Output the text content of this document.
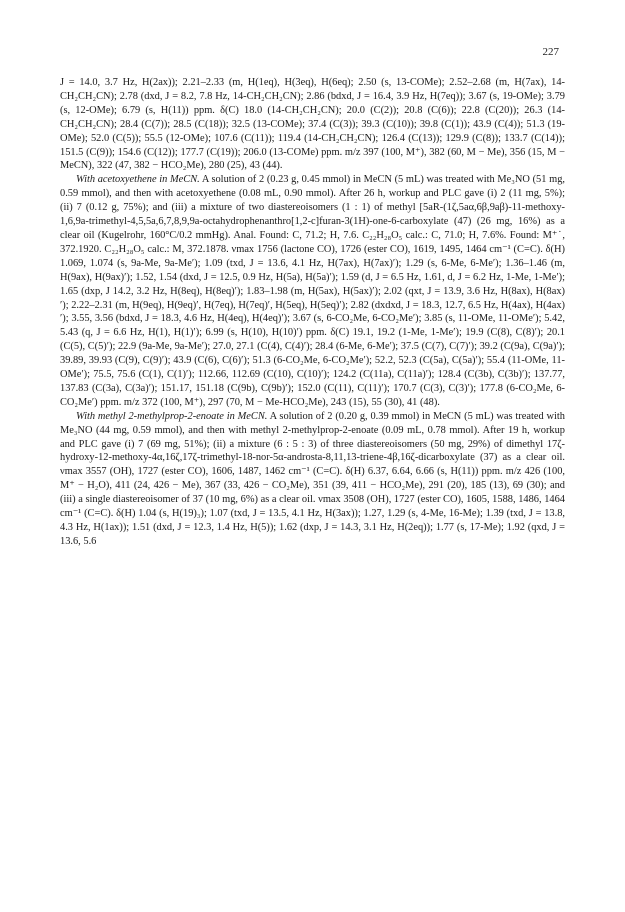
227

J = 14.0, 3.7 Hz, H(2ax)); 2.21–2.33 (m, H(1eq), H(3eq), H(6eq); 2.50 (s, 13-COMe); 2.52–2.68 (m, H(7ax), 14-CH₂CH₂CN); 2.78 (dxd, J = 8.2, 7.8 Hz, 14-CH₂CH₂CN); 2.86 (bdxd, J = 16.4, 3.9 Hz, H(7eq)); 3.67 (s, 19-OMe); 3.79 (s, 12-OMe); 6.79 (s, H(11)) ppm. δ(C) 18.0 (14-CH₂CH₂CN); 20.0 (C(2)); 20.8 (C(6)); 22.8 (C(20)); 26.3 (14-CH₂CH₂CN); 28.4 (C(7)); 28.5 (C(18)); 32.5 (13-COMe); 37.4 (C(3)); 39.3 (C(10)); 39.8 (C(1)); 43.9 (C(4)); 51.3 (19-OMe); 52.0 (C(5)); 55.5 (12-OMe); 107.6 (C(11)); 119.4 (14-CH₂CH₂CN); 126.4 (C(13)); 129.9 (C(8)); 133.7 (C(14)); 151.5 (C(9)); 154.6 (C(12)); 177.7 (C(19)); 206.0 (13-COMe) ppm. m/z 397 (100, M⁺), 382 (60, M − Me), 356 (15, M − MeCN), 322 (47, 382 − HCO₂Me), 280 (25), 43 (44).

With acetoxyethene in MeCN. A solution of 2 (0.23 g, 0.45 mmol) in MeCN (5 mL) was treated with Me₃NO (51 mg, 0.59 mmol), and then with acetoxyethene (0.08 mL, 0.90 mmol). After 26 h, workup and PLC gave (i) 2 (11 mg, 5%); (ii) 7 (0.12 g, 75%); and (iii) a mixture of two diastereoisomers (1 : 1) of methyl [5aR-(1ζ,5aα,6β,9aβ)-11-methoxy-1,6,9a-trimethyl-4,5,5a,6,7,8,9,9a-octahydrophenanthro[1,2-c]furan-3(1H)-one-6-carboxylate (47) (26 mg, 16%) as a clear oil (Kugelrohr, 160°C/0.2 mmHg). Anal. Found: C, 71.2; H, 7.6. C₂₂H₂₈O₅ calc.: C, 71.0; H, 7.6%. Found: M⁺˙, 372.1920. C₂₂H₂₈O₅ calc.: M, 372.1878. νmax 1756 (lactone CO), 1726 (ester CO), 1619, 1495, 1464 cm⁻¹ (C=C). δ(H) 1.069, 1.074 (s, 9a-Me, 9a-Me′); 1.09 (txd, J = 13.6, 4.1 Hz, H(7ax), H(7ax)′); 1.29 (s, 6-Me, 6-Me′); 1.36–1.46 (m, H(9ax), H(9ax)′); 1.52, 1.54 (dxd, J = 12.5, 0.9 Hz, H(5a), H(5a)′); 1.59 (d, J = 6.5 Hz, 1.61, d, J = 6.2 Hz, 1-Me, 1-Me′); 1.65 (dxp, J 14.2, 3.2 Hz, H(8eq), H(8eq)′); 1.83–1.98 (m, H(5ax), H(5ax)′); 2.02 (qxt, J = 13.9, 3.6 Hz, H(8ax), H(8ax)′); 2.22–2.31 (m, H(9eq), H(9eq)′, H(7eq), H(7eq)′, H(5eq), H(5eq)′); 2.82 (dxdxd, J = 18.3, 12.7, 6.5 Hz, H(4ax), H(4ax)′); 3.55, 3.56 (bdxd, J = 18.3, 4.6 Hz, H(4eq), H(4eq)′); 3.67 (s, 6-CO₂Me, 6-CO₂Me′); 3.85 (s, 11-OMe, 11-OMe′); 5.42, 5.43 (q, J = 6.6 Hz, H(1), H(1)′); 6.99 (s, H(10), H(10)′) ppm. δ(C) 19.1, 19.2 (1-Me, 1-Me′); 19.9 (C(8), C(8)′); 20.1 (C(5), C(5)′); 22.9 (9a-Me, 9a-Me′); 27.0, 27.1 (C(4), C(4)′); 28.4 (6-Me, 6-Me′); 37.5 (C(7), C(7)′); 39.2 (C(9a), C(9a)′); 39.89, 39.93 (C(9), C(9)′); 43.9 (C(6), C(6)′); 51.3 (6-CO₂Me, 6-CO₂Me′); 52.2, 52.3 (C(5a), C(5a)′); 55.4 (11-OMe, 11-OMe′); 75.5, 75.6 (C(1), C(1)′); 112.66, 112.69 (C(10), C(10)′); 124.2 (C(11a), C(11a)′); 128.4 (C(3b), C(3b)′); 137.77, 137.83 (C(3a), C(3a)′); 151.17, 151.18 (C(9b), C(9b)′); 152.0 (C(11), C(11)′); 170.7 (C(3), C(3)′); 177.8 (6-CO₂Me, 6-CO₂Me′) ppm. m/z 372 (100, M⁺), 297 (70, M − Me-HCO₂Me), 243 (15), 55 (30), 41 (48).

With methyl 2-methylprop-2-enoate in MeCN. A solution of 2 (0.20 g, 0.39 mmol) in MeCN (5 mL) was treated with Me₃NO (44 mg, 0.59 mmol), and then with methyl 2-methylprop-2-enoate (0.09 mL, 0.78 mmol). After 19 h, workup and PLC gave (i) 7 (69 mg, 51%); (ii) a mixture (6 : 5 : 3) of three diastereoisomers (50 mg, 29%) of dimethyl 17ζ-hydroxy-12-methoxy-4α,16ζ,17ζ-trimethyl-18-nor-5α-androsta-8,11,13-triene-4β,16ζ-dicarboxylate (37) as a clear oil. νmax 3557 (OH), 1727 (ester CO), 1606, 1487, 1462 cm⁻¹ (C=C). δ(H) 6.37, 6.64, 6.66 (s, H(11)) ppm. m/z 426 (100, M⁺ − H₂O), 411 (24, 426 − Me), 367 (33, 426 − CO₂Me), 351 (39, 411 − HCO₂Me), 291 (20), 185 (13), 69 (30); and (iii) a single diastereoisomer of 37 (10 mg, 6%) as a clear oil. νmax 3508 (OH), 1727 (ester CO), 1605, 1588, 1486, 1464 cm⁻¹ (C=C). δ(H) 1.04 (s, H(19)₃); 1.07 (txd, J = 13.5, 4.1 Hz, H(3ax)); 1.27, 1.29 (s, 4-Me, 16-Me); 1.39 (txd, J = 13.8, 4.3 Hz, H(1ax)); 1.51 (dxd, J = 12.3, 1.4 Hz, H(5)); 1.62 (dxp, J = 14.3, 3.1 Hz, H(2eq)); 1.77 (s, 17-Me); 1.92 (qxd, J = 13.6, 5.6
